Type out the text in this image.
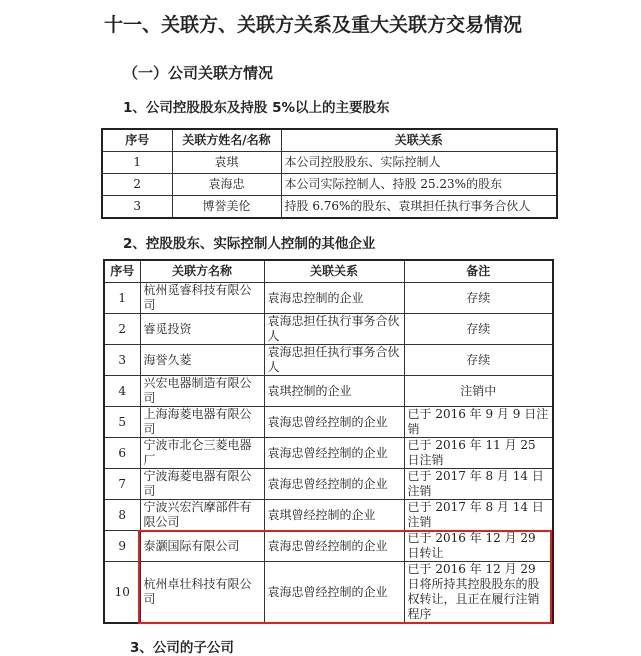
十一、关联方、关联方关系及重大关联方交易情况
（一）公司关联方情况
1、公司控股股东及持股 5%以上的主要股东
序号	关联方姓名/名称	关联关系

1	袁琪	本公司控股股东、实际控制人

2	袁海忠	本公司实际控制人、持股 25.23%的股东

3	博誉美伦	持股 6.76%的股东、袁琪担任执行事务合伙人
2、控股股东、实际控制人控制的其他企业
序号	关联方名称	关联关系	备注

1	杭州觅睿科技有限公司	袁海忠控制的企业	存续

2	睿觅投资	袁海忠担任执行事务合伙人	存续

3	海誉久菱	袁海忠担任执行事务合伙人	存续

4	兴宏电器制造有限公司	袁琪控制的企业	注销中

5	上海海菱电器有限公司	袁海忠曾经控制的企业	已于 2016 年 9 月 9 日注销

6	宁波市北仑三菱电器厂	袁海忠曾经控制的企业	已于 2016 年 11 月 25 日注销

7	宁波海菱电器有限公司	袁海忠曾经控制的企业	已于 2017 年 8 月 14 日注销

8	宁波兴宏汽摩部件有限公司	袁琪曾经控制的企业	已于 2017 年 8 月 14 日注销

9	泰灏国际有限公司	袁海忠曾经控制的企业	已于 2016 年 12 月 29 日转让

10	杭州卓壮科技有限公司	袁海忠曾经控制的企业	已于 2016 年 12 月 29 日将所持其控股股东的股权转让，且正在履行注销程序
3、公司的子公司
